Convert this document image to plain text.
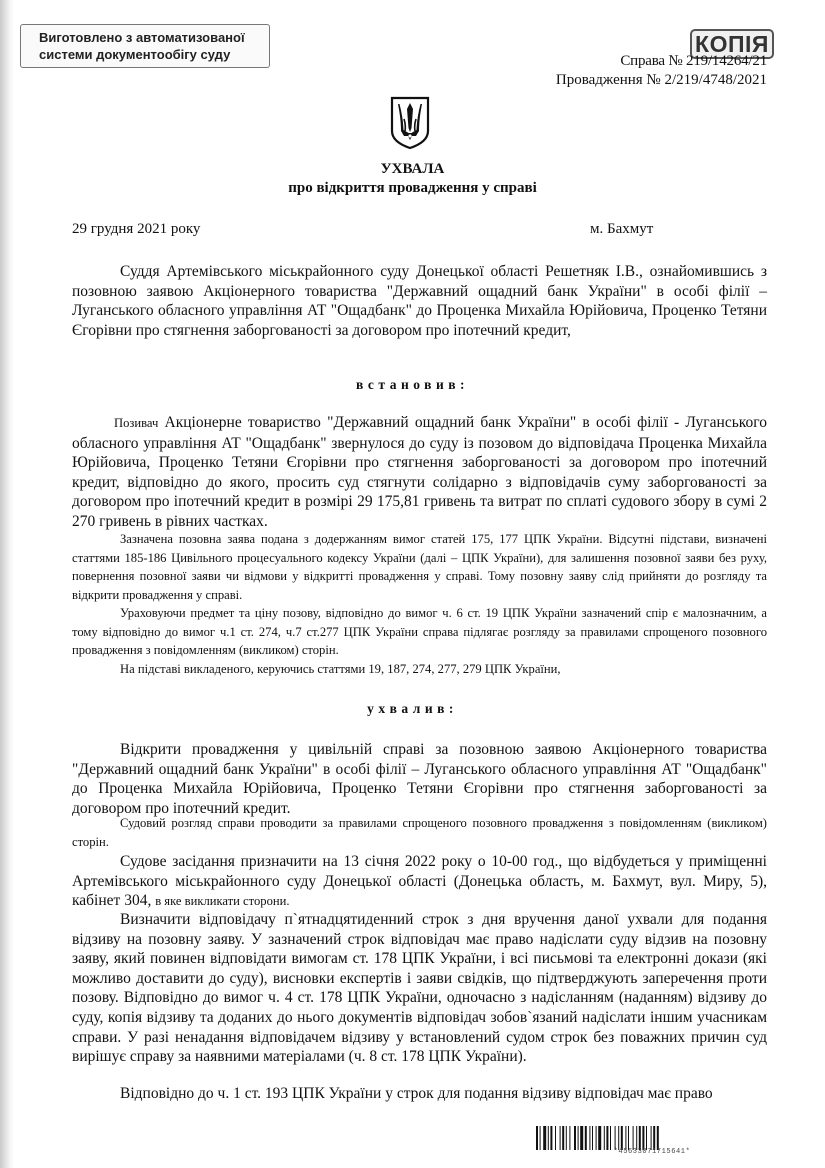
Виготовлено з автоматизованої
системи документообігу суду	КОПІЯ
Справа № 219/14264/21
Провадження № 2/219/4748/2021
УХВАЛА
про відкриття провадження у справі
29 грудня 2021 року	м. Бахмут

Суддя Артемівського міськрайонного суду Донецької області Решетняк І.В., ознайомившись з позовною заявою Акціонерного товариства "Державний ощадний банк України" в особі філії – Луганського обласного управління АТ "Ощадбанк" до Проценка Михайла Юрійовича, Проценко Тетяни Єгорівни про стягнення заборгованості за договором про іпотечний кредит,

встановив:

Позивач Акціонерне товариство "Державний ощадний банк України" в особі філії - Луганського обласного управління АТ "Ощадбанк" звернулося до суду із позовом до відповідача Проценка Михайла Юрійовича, Проценко Тетяни Єгорівни про стягнення заборгованості за договором про іпотечний кредит, відповідно до якого, просить суд стягнути солідарно з відповідачів суму заборгованості за договором про іпотечний кредит в розмірі 29 175,81 гривень та витрат по сплаті судового збору в сумі 2 270 гривень в рівних частках.

Зазначена позовна заява подана з додержанням вимог статей 175, 177 ЦПК України. Відсутні підстави, визначені статтями 185-186 Цивільного процесуального кодексу України (далі – ЦПК України), для залишення позовної заяви без руху, повернення позовної заяви чи відмови у відкритті провадження у справі. Тому позовну заяву слід прийняти до розгляду та відкрити провадження у справі.

Ураховуючи предмет та ціну позову, відповідно до вимог ч. 6 ст. 19 ЦПК України зазначений спір є малозначним, а тому відповідно до вимог ч.1 ст. 274, ч.7 ст.277 ЦПК України справа підлягає розгляду за правилами спрощеного позовного провадження з повідомленням (викликом) сторін.

На підставі викладеного, керуючись статтями 19, 187, 274, 277, 279 ЦПК України,

ухвалив:

Відкрити провадження у цивільній справі за позовною заявою Акціонерного товариства "Державний ощадний банк України" в особі філії – Луганського обласного управління АТ "Ощадбанк" до Проценка Михайла Юрійовича, Проценко Тетяни Єгорівни про стягнення заборгованості за договором про іпотечний кредит.

Судовий розгляд справи проводити за правилами спрощеного позовного провадження з повідомленням (викликом) сторін.

Судове засідання призначити на 13 січня 2022 року о 10-00 год., що відбудеться у приміщенні Артемівського міськрайонного суду Донецької області (Донецька область, м. Бахмут, вул. Миру, 5), кабінет 304, в яке викликати сторони.

Визначити відповідачу п`ятнадцятиденний строк з дня вручення даної ухвали для подання відзиву на позовну заяву. У зазначений строк відповідач має право надіслати суду відзив на позовну заяву, який повинен відповідати вимогам ст. 178 ЦПК України, і всі письмові та електронні докази (які можливо доставити до суду), висновки експертів і заяви свідків, що підтверджують заперечення проти позову. Відповідно до вимог ч. 4 ст. 178 ЦПК України, одночасно з надісланням (наданням) відзиву до суду, копія відзиву та доданих до нього документів відповідач зобов`язаний надіслати іншим учасникам справи. У разі ненадання відповідачем відзиву у встановлений судом строк без поважних причин суд вирішує справу за наявними матеріалами (ч. 8 ст. 178 ЦПК України).

Відповідно до ч. 1 ст. 193 ЦПК України у строк для подання відзиву відповідач має право

*45633071715641*
